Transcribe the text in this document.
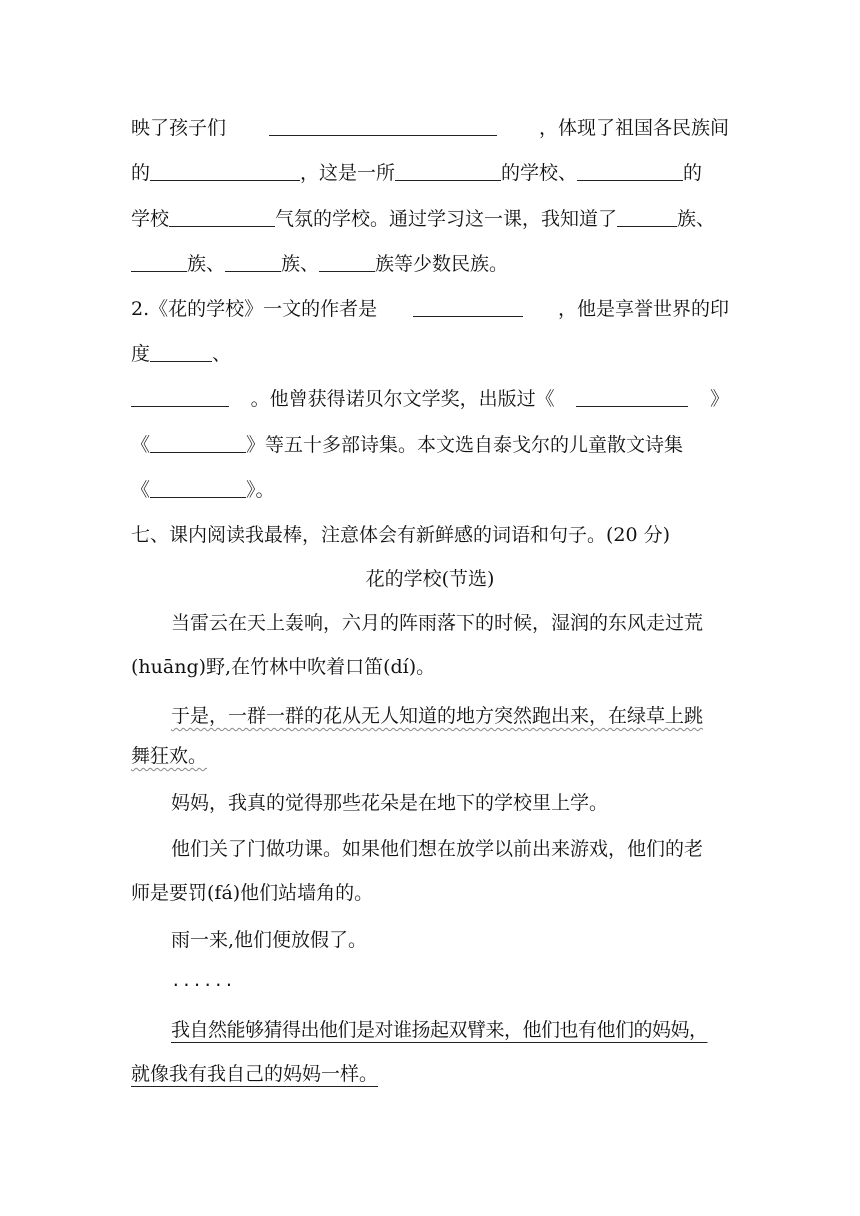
映了孩子们	，体现了祖国各民族间
的	，这是一所	的学校、	的
学校	气氛的学校。通过学习这一课，我知道了	族、
族、	族、	族等少数民族。
2.《花的学校》一文的作者是	，他是享誉世界的印
度	、
。他曾获得诺贝尔文学奖，出版过《	》
《	》等五十多部诗集。本文选自泰戈尔的儿童散文诗集
《	》。
七、课内阅读我最棒，注意体会有新鲜感的词语和句子。(20 分)
花的学校(节选)
当雷云在天上轰响，六月的阵雨落下的时候，湿润的东风走过荒
(huāng)野,在竹林中吹着口笛(dí)。
于是，一群一群的花从无人知道的地方突然跑出来，在绿草上跳
舞狂欢。
妈妈，我真的觉得那些花朵是在地下的学校里上学。
他们关了门做功课。如果他们想在放学以前出来游戏，他们的老
师是要罚(fá)他们站墙角的。
雨一来,他们便放假了。
......
我自然能够猜得出他们是对谁扬起双臂来，他们也有他们的妈妈，
就像我有我自己的妈妈一样。
